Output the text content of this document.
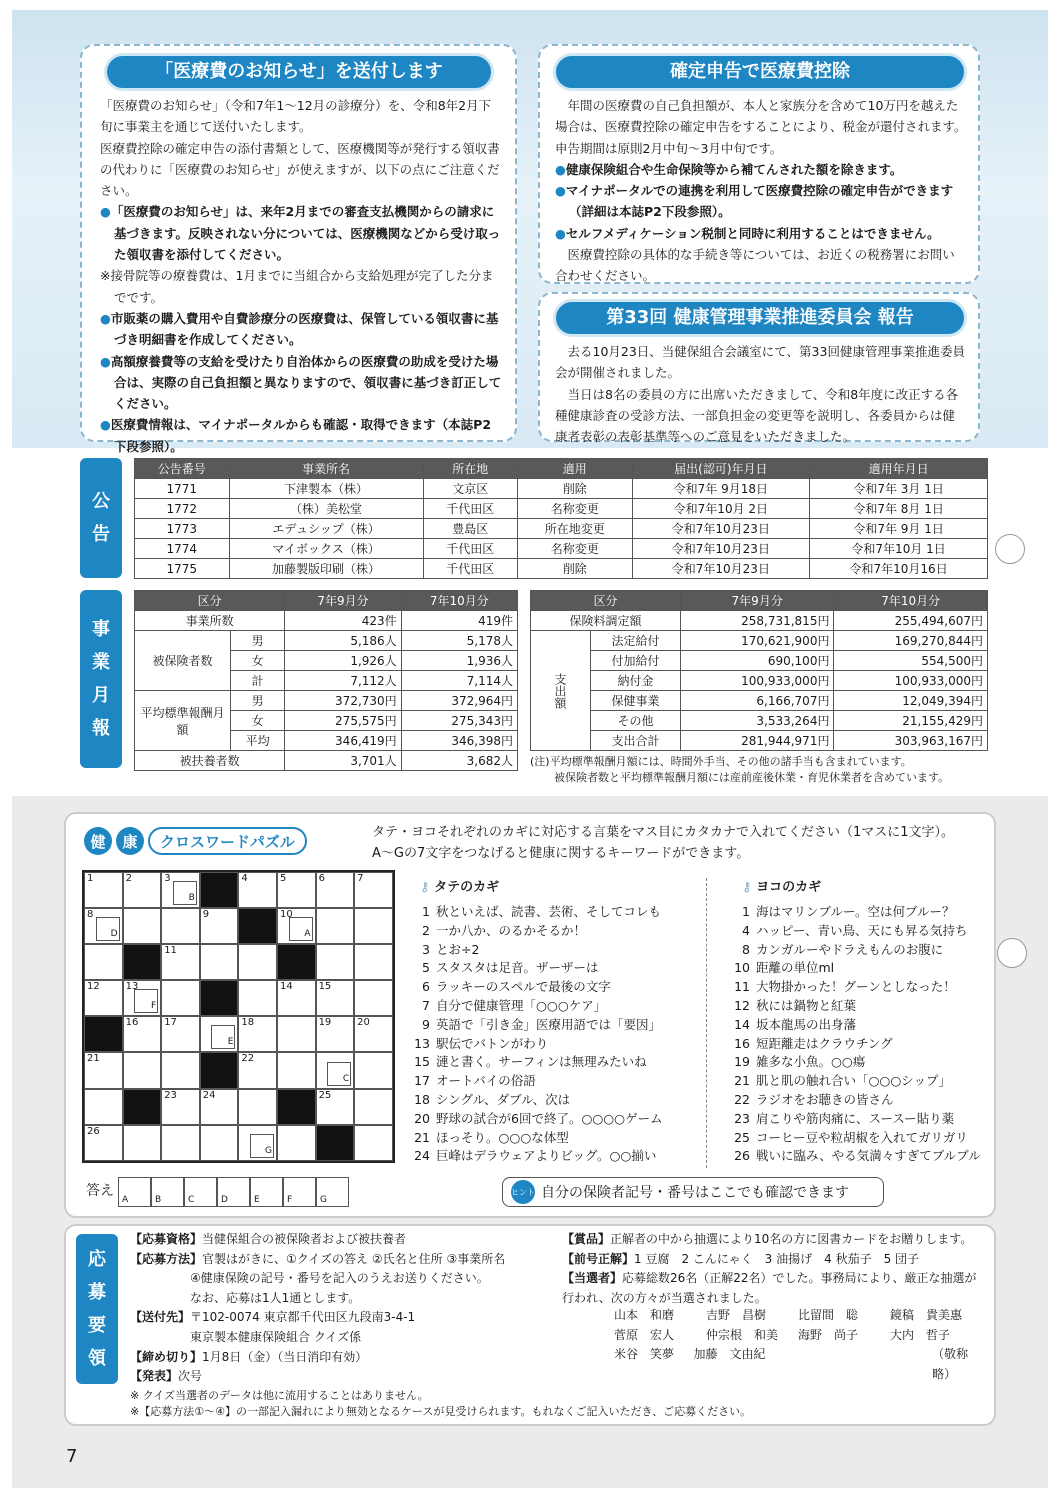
「医療費のお知らせ」を送付します

「医療費のお知らせ」（令和7年1～12月の診療分）を、令和8年2月下旬に事業主を通じて送付いたします。

医療費控除の確定申告の添付書類として、医療機関等が発行する領収書の代わりに「医療費のお知らせ」が使えますが、以下の点にご注意ください。

●「医療費のお知らせ」は、来年2月までの審査支払機関からの請求に基づきます。反映されない分については、医療機関などから受け取った領収書を添付してください。

※接骨院等の療養費は、1月までに当組合から支給処理が完了した分までです。

●市販薬の購入費用や自費診療分の医療費は、保管している領収書に基づき明細書を作成してください。

●高額療養費等の支給を受けたり自治体からの医療費の助成を受けた場合は、実際の自己負担額と異なりますので、領収書に基づき訂正してください。

●医療費情報は、マイナポータルからも確認・取得できます（本誌P2下段参照）。

確定申告で医療費控除

年間の医療費の自己負担額が、本人と家族分を含めて10万円を越えた場合は、医療費控除の確定申告をすることにより、税金が還付されます。申告期間は原則2月中旬～3月中旬です。

●健康保険組合や生命保険等から補てんされた額を除きます。

●マイナポータルでの連携を利用して医療費控除の確定申告ができます（詳細は本誌P2下段参照）。

●セルフメディケーション税制と同時に利用することはできません。

医療費控除の具体的な手続き等については、お近くの税務署にお問い合わせください。

第33回 健康管理事業推進委員会 報告

去る10月23日、当健保組合会議室にて、第33回健康管理事業推進委員会が開催されました。

当日は8名の委員の方に出席いただきまして、令和8年度に改正する各種健康診査の受診方法、一部負担金の変更等を説明し、各委員からは健康者表彰の表彰基準等へのご意見をいただきました。

公
告
公告番号	事業所名	所在地	適用	届出(認可)年月日	適用年月日
1771	下津製本（株）	文京区	削除	令和7年 9月18日	令和7年 3月 1日
1772	（株）美松堂	千代田区	名称変更	令和7年10月 2日	令和7年 8月 1日
1773	エデュシップ（株）	豊島区	所在地変更	令和7年10月23日	令和7年 9月 1日
1774	マイボックス（株）	千代田区	名称変更	令和7年10月23日	令和7年10月 1日
1775	加藤製版印刷（株）	千代田区	削除	令和7年10月23日	令和7年10月16日
事
業
月
報
区分		7年9月分	7年10月分
事業所数		423件	419件
被保険者数	男	5,186人	5,178人
	女	1,926人	1,936人
	計	7,112人	7,114人
平均標準報酬月額	男	372,730円	372,964円
	女	275,575円	275,343円
	平均	346,419円	346,398円
被扶養者数		3,701人	3,682人
区分		7年9月分	7年10月分
保険料調定額		258,731,815円	255,494,607円
支出額	法定給付	170,621,900円	169,270,844円
	付加給付	690,100円	554,500円
	納付金	100,933,000円	100,933,000円
	保健事業	6,166,707円	12,049,394円
	その他	3,533,264円	21,155,429円
	支出合計	281,944,971円	303,963,167円

(注)平均標準報酬月額には、時間外手当、その他の諸手当も含まれています。

被保険者数と平均標準報酬月額には産前産後休業・育児休業者を含めています。

健	康	クロスワードパズル	タテ・ヨコそれぞれのカギに対応する言葉をマス目にカタカナで入れてください（1マスに1文字）。

A～Gの7文字をつなげると健康に関するキーワードができます。

1	2	3
B
4	5	6	7
8
D
9	10
A
11
12	13
F
14	15
16	17
E
18	19	20
21	22
C
23	24	25
26
G
⚷ タテのカギ
1 秋といえば、読書、芸術、そしてコレも
2 一か八か、のるかそるか！
3 とお÷2
5 スタスタは足音。ザーザーは
6 ラッキーのスペルで最後の文字
7 自分で健康管理「○○○ケア」
9 英語で「引き金」医療用語では「要因」
13 駅伝でバトンがわり
15 漣と書く。サーフィンは無理みたいね
17 オートバイの俗語
18 シングル、ダブル、次は
20 野球の試合が6回で終了。○○○○ゲーム
21 ほっそり。○○○な体型
24 巨峰はデラウェアよりビッグ。○○揃い
⚷ ヨコのカギ
1 海はマリンブルー。空は何ブルー？
4 ハッピー、青い鳥、天にも昇る気持ち
8 カンガルーやドラえもんのお腹に
10 距離の単位ml
11 大物掛かった！グーンとしなった！
12 秋には鍋物と紅葉
14 坂本龍馬の出身藩
16 短距離走はクラウチング
19 雑多な小魚。○○瘍
21 肌と肌の触れ合い「○○○シップ」
22 ラジオをお聴きの皆さん
23 肩こりや筋肉痛に、スースー貼り薬
25 コーヒー豆や粒胡椒を入れてガリガリ
26 戦いに臨み、やる気満々すぎてブルブル
答え
A	B	C	D	E	F	G
ヒント 自分の保険者記号・番号はここでも確認できます
応
募
要
領
【応募資格】当健保組合の被保険者および被扶養者
【応募方法】官製はがきに、①クイズの答え ②氏名と住所 ③事業所名
④健康保険の記号・番号を記入のうえお送りください。
なお、応募は1人1通とします。
【送付先】〒102-0074 東京都千代田区九段南3-4-1
東京製本健康保険組合 クイズ係
【締め切り】1月8日（金）（当日消印有効）
【発表】次号
【賞品】正解者の中から抽選により10名の方に図書カードをお贈りします。
【前号正解】1 豆腐　2 こんにゃく　3 油揚げ　4 秋茄子　5 団子
【当選者】応募総数26名（正解22名）でした。事務局により、厳正な抽選が行われ、次の方々が当選されました。
山本　和磨	吉野　昌樹	比留間　聡	鏡稿　貴美惠
菅原　宏人	仲宗根　和美	海野　尚子	大内　哲子
米谷　笑夢	加藤　文由紀	（敬称略）

※ クイズ当選者のデータは他に流用することはありません。

※【応募方法①～④】の一部記入漏れにより無効となるケースが見受けられます。もれなくご記入いただき、ご応募ください。

7
